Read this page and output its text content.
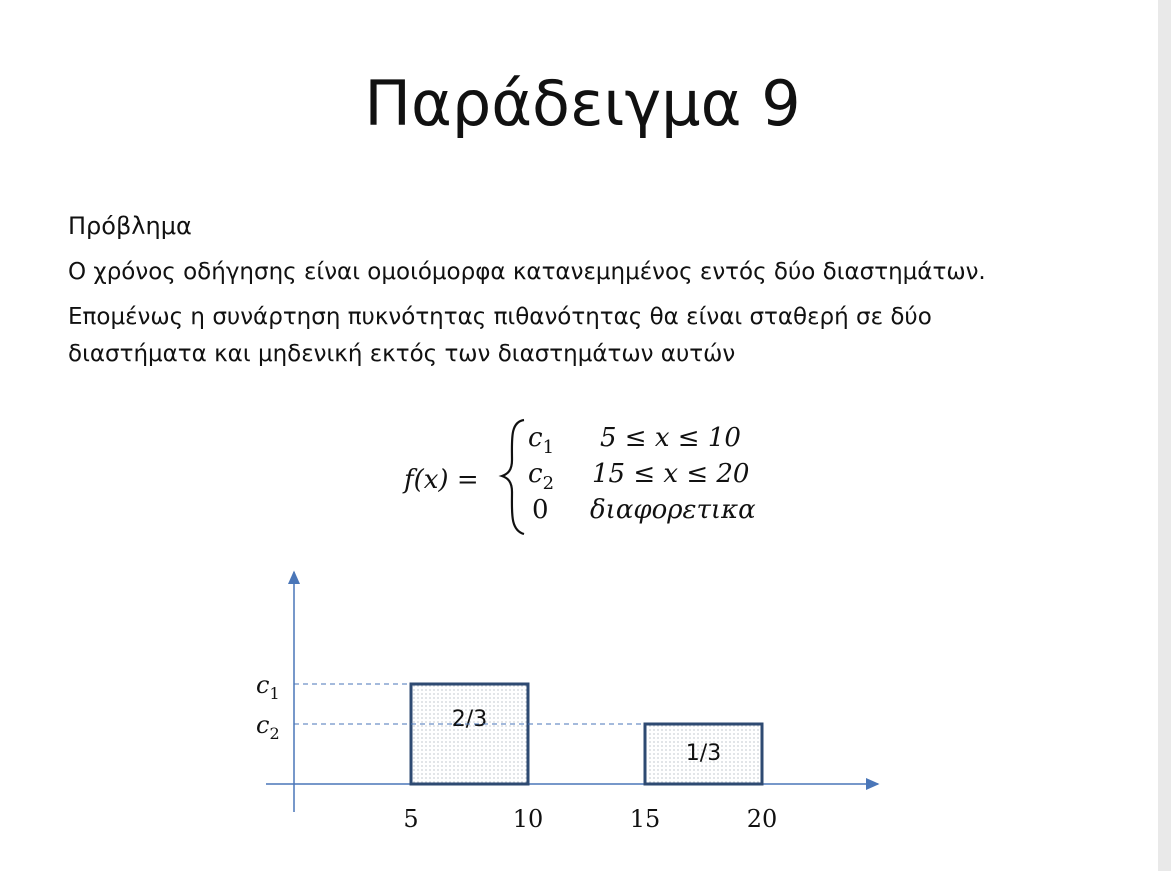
Παράδειγμα 9
Πρόβλημα
Ο χρόνος οδήγησης είναι ομοιόμορφα κατανεμημένος εντός δύο διαστημάτων.
Επομένως η συνάρτηση πυκνότητας πιθανότητας θα είναι σταθερή σε δύο
διαστήματα και μηδενική εκτός των διαστημάτων αυτών
f(x) =
$c_1$ 5 ≤ x ≤ 10
$c_2$ 15 ≤ x ≤ 20
0 διαφορετικα
2/3
1/3
$c_1$
$c_2$
5	10	15	20
